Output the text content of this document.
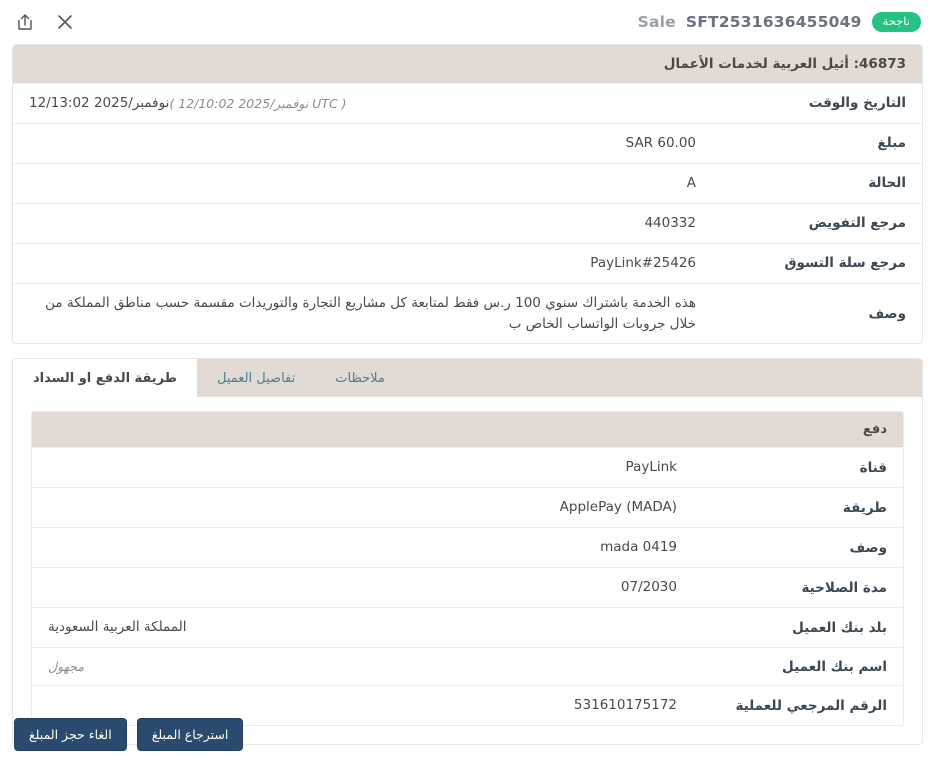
Sale SFT2531636455049	ناجحة
46873: أثيل العربية لخدمات الأعمال
التاريخ والوقت
( 12/نوفمبر/2025 10:02 UTC )
12/نوفمبر/2025 13:02
مبلغ
SAR 60.00
الحالة
A
مرجع التفويض
440332
مرجع سلة التسوق
PayLink#25426
وصف
هذه الخدمة باشتراك سنوي 100 ر.س فقط لمتابعة كل مشاريع التجارة والتوريدات مقسمة حسب مناطق المملكة من خلال جروبات الواتساب الخاص ب
ملاحظات
تفاصيل العميل
طريقة الدفع او السداد
دفع
قناة
PayLink
طريقة
ApplePay (MADA)
وصف
mada 0419
مدة الصلاحية
07/2030
بلد بنك العميل
المملكة العربية السعودية
اسم بنك العميل
مجهول
الرقم المرجعي للعملية
531610175172
استرجاع المبلغ
الغاء حجز المبلغ
